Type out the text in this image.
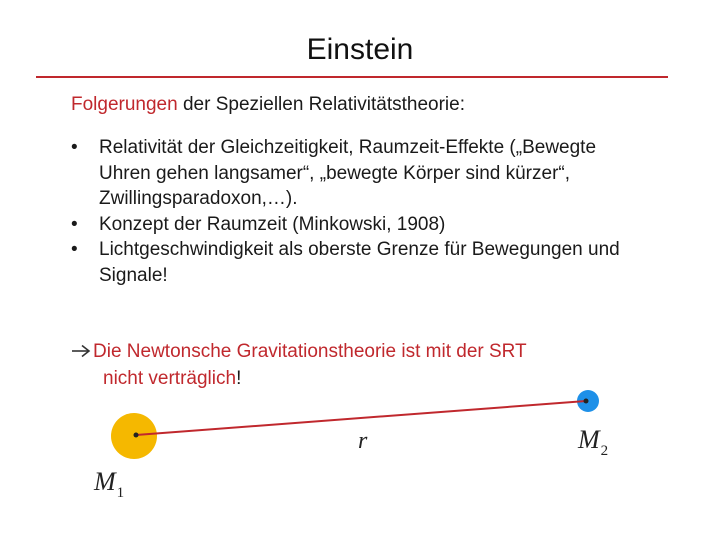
Einstein
Folgerungen der Speziellen Relativitätstheorie:
•	Relativität der Gleichzeitigkeit, Raumzeit-Effekte („Bewegte Uhren gehen langsamer“, „bewegte Körper sind kürzer“, Zwillingsparadoxon,…).
•	Konzept der Raumzeit (Minkowski, 1908)
•	Lichtgeschwindigkeit als oberste Grenze für Bewegungen und Signale!
Die Newtonsche Gravitationstheorie ist mit der SRT
nicht verträglich!
r
$M_1$
$M_2$
